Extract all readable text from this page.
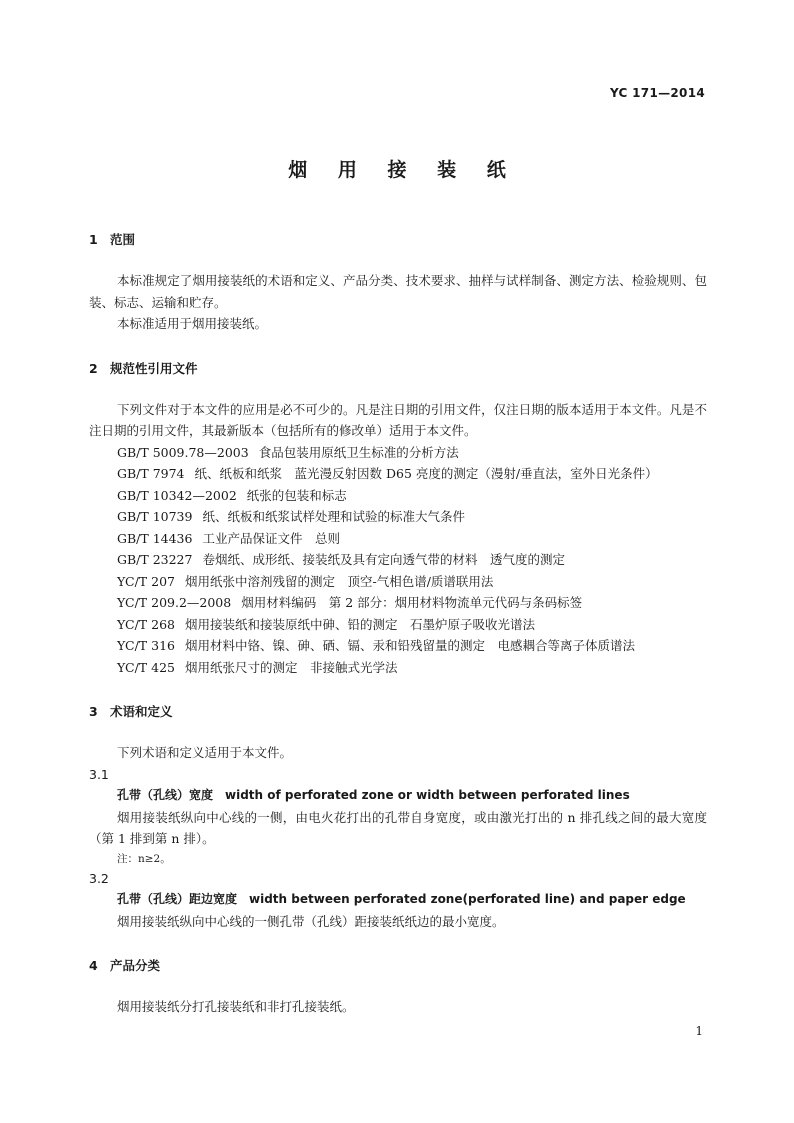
YC 171—2014
烟 用 接 装 纸
1 范围

本标准规定了烟用接装纸的术语和定义、产品分类、技术要求、抽样与试样制备、测定方法、检验规则、包装、标志、运输和贮存。

本标准适用于烟用接装纸。

2 规范性引用文件

下列文件对于本文件的应用是必不可少的。凡是注日期的引用文件，仅注日期的版本适用于本文件。凡是不注日期的引用文件，其最新版本（包括所有的修改单）适用于本文件。

GB/T 5009.78—2003 食品包装用原纸卫生标准的分析方法
GB/T 7974 纸、纸板和纸浆　蓝光漫反射因数 D65 亮度的测定（漫射/垂直法，室外日光条件）
GB/T 10342—2002 纸张的包装和标志
GB/T 10739 纸、纸板和纸浆试样处理和试验的标准大气条件
GB/T 14436 工业产品保证文件　总则
GB/T 23227 卷烟纸、成形纸、接装纸及具有定向透气带的材料　透气度的测定
YC/T 207 烟用纸张中溶剂残留的测定　顶空-气相色谱/质谱联用法
YC/T 209.2—2008 烟用材料编码　第 2 部分：烟用材料物流单元代码与条码标签
YC/T 268 烟用接装纸和接装原纸中砷、铅的测定　石墨炉原子吸收光谱法
YC/T 316 烟用材料中铬、镍、砷、硒、镉、汞和铅残留量的测定　电感耦合等离子体质谱法
YC/T 425 烟用纸张尺寸的测定　非接触式光学法
3 术语和定义

下列术语和定义适用于本文件。

3.1
孔带（孔线）宽度 width of perforated zone or width between perforated lines

烟用接装纸纵向中心线的一侧，由电火花打出的孔带自身宽度，或由激光打出的 n 排孔线之间的最大宽度（第 1 排到第 n 排）。

注：n≥2。
3.2
孔带（孔线）距边宽度 width between perforated zone(perforated line) and paper edge

烟用接装纸纵向中心线的一侧孔带（孔线）距接装纸纸边的最小宽度。

4 产品分类

烟用接装纸分打孔接装纸和非打孔接装纸。

1
